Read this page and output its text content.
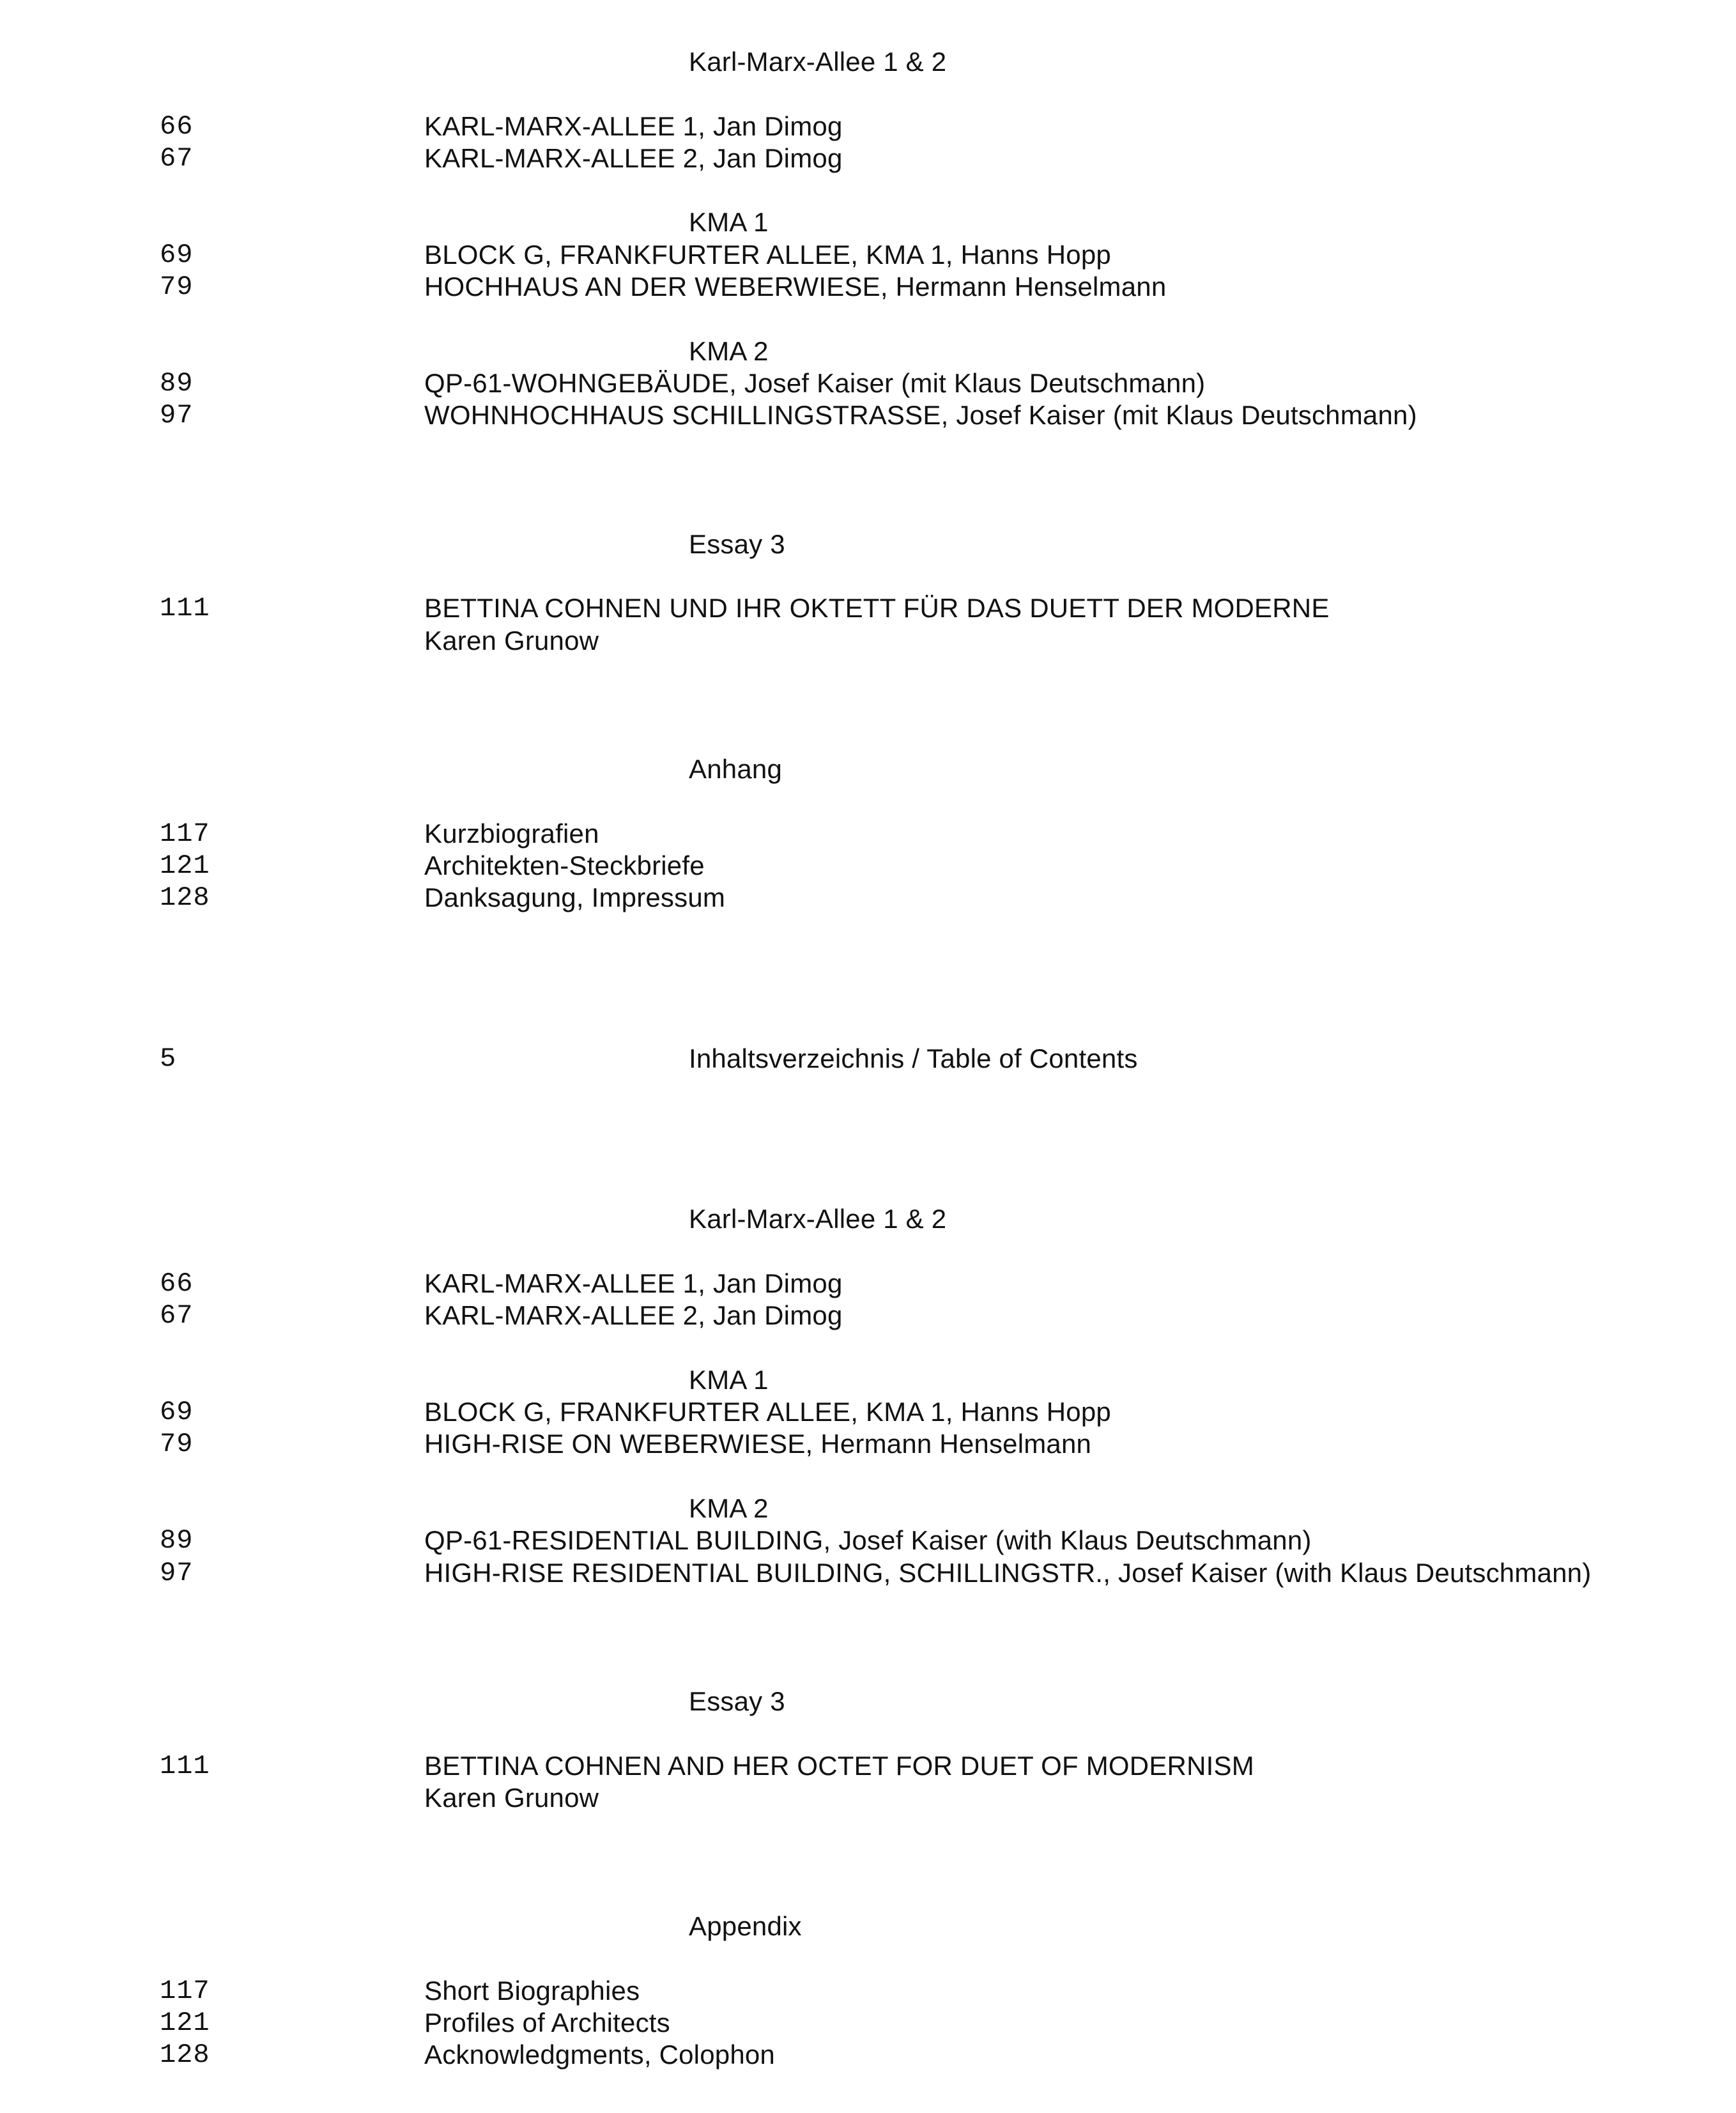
Karl-Marx-Allee 1 & 2
66	KARL-MARX-ALLEE 1, Jan Dimog
67	KARL-MARX-ALLEE 2, Jan Dimog
KMA 1
69	BLOCK G, FRANKFURTER ALLEE, KMA 1, Hanns Hopp
79	HOCHHAUS AN DER WEBERWIESE, Hermann Henselmann
KMA 2
89	QP-61-WOHNGEBÄUDE, Josef Kaiser (mit Klaus Deutschmann)
97	WOHNHOCHHAUS SCHILLINGSTRASSE, Josef Kaiser (mit Klaus Deutschmann)
Essay 3
111	BETTINA COHNEN UND IHR OKTETT FÜR DAS DUETT DER MODERNE
Karen Grunow
Anhang
117	Kurzbiografien
121	Architekten-Steckbriefe
128	Danksagung, Impressum
5	Inhaltsverzeichnis / Table of Contents
Karl-Marx-Allee 1 & 2
66	KARL-MARX-ALLEE 1, Jan Dimog
67	KARL-MARX-ALLEE 2, Jan Dimog
KMA 1
69	BLOCK G, FRANKFURTER ALLEE, KMA 1, Hanns Hopp
79	HIGH-RISE ON WEBERWIESE, Hermann Henselmann
KMA 2
89	QP-61-RESIDENTIAL BUILDING, Josef Kaiser (with Klaus Deutschmann)
97	HIGH-RISE RESIDENTIAL BUILDING, SCHILLINGSTR., Josef Kaiser (with Klaus Deutschmann)
Essay 3
111	BETTINA COHNEN AND HER OCTET FOR DUET OF MODERNISM
Karen Grunow
Appendix
117	Short Biographies
121	Profiles of Architects
128	Acknowledgments, Colophon
